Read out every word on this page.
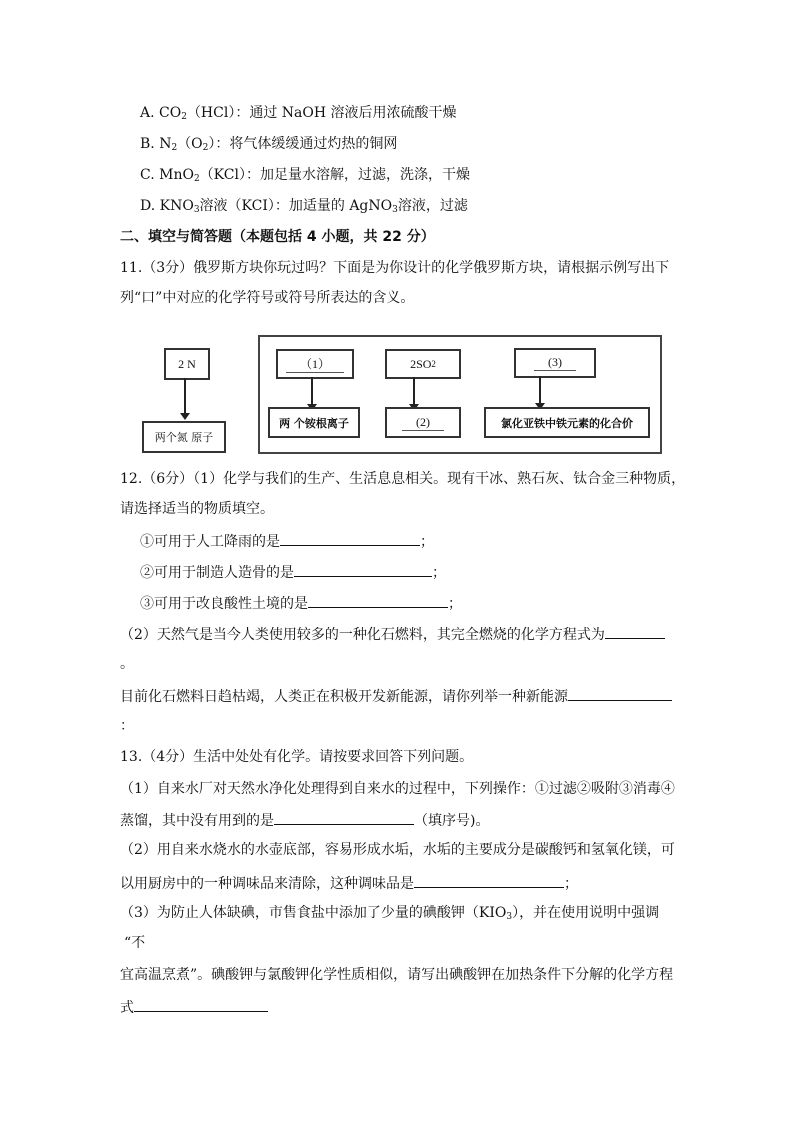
A. $CO_2(HCl)$：通过 NaOH 溶液后用浓硫酸干燥
B. $N_2(O_2)$：将气体缓缓通过灼热的铜网
C. MnO$_2$（KCl）：加足量水溶解，过滤，洗涤，干燥
D. $KNO_3$溶液（KCI）：加适量的 AgNO$_3$溶液，过滤
二、填空与简答题（本题包括 4 小题，共 22 分）
11.（3分）俄罗斯方块你玩过吗？下面是为你设计的化学俄罗斯方块，请根据示例写出下
列“口”中对应的化学符号或符号所表达的含义。
2 N
两个氮 原子
（1）
两 个铵根离子
2SO 2
(2)
(3)
氯化亚铁中铁元素的化合价
12.（6分）（1）化学与我们的生产、生活息息相关。现有干冰、熟石灰、钛合金三种物质，
请选择适当的物质填空。
①可用于人工降雨的是	；
②可用于制造人造骨的是	；
③可用于改良酸性土境的是	；
（2）天然气是当今人类使用较多的一种化石燃料，其完全燃烧的化学方程式为
。
目前化石燃料日趋枯竭，人类正在积极开发新能源，请你列举一种新能源
：
13.（4分）生活中处处有化学。请按要求回答下列问题。
（1）自来水厂对天然水净化处理得到自来水的过程中，下列操作：①过滤②吸附③消毒④
蒸馏，其中没有用到的是	（填序号)。
（2）用自来水烧水的水壶底部，容易形成水垢，水垢的主要成分是碳酸钙和氢氧化镁，可
以用厨房中的一种调味品来清除，这种调味品是	；
（3）为防止人体缺碘，市售食盐中添加了少量的碘酸钾$(KIO_3)$，并在使用说明中强调
“不
宜高温烹煮”。碘酸钾与氯酸钾化学性质相似，请写出碘酸钾在加热条件下分解的化学方程
式
